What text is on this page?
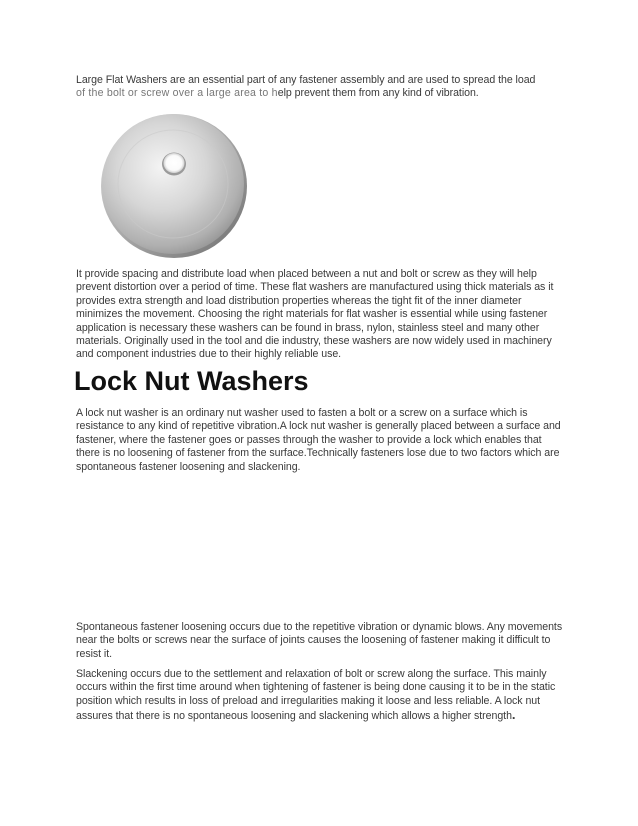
Large Flat Washers are an essential part of any fastener assembly and are used to spread the load
of the bolt or screw over a large area to help prevent them from any kind of vibration.

It provide spacing and distribute load when placed between a nut and bolt or screw as they will help prevent distortion over a period of time. These flat washers are manufactured using thick materials as it provides extra strength and load distribution properties whereas the tight fit of the inner diameter minimizes the movement. Choosing the right materials for flat washer is essential while using fastener application is necessary these washers can be found in brass, nylon, stainless steel and many other materials. Originally used in the tool and die industry, these washers are now widely used in machinery and component industries due to their highly reliable use.

Lock Nut Washers

A lock nut washer is an ordinary nut washer used to fasten a bolt or a screw on a surface which is resistance to any kind of repetitive vibration.A lock nut washer is generally placed between a surface and fastener, where the fastener goes or passes through the washer to provide a lock which enables that there is no loosening of fastener from the surface.Technically fasteners lose due to two factors which are spontaneous fastener loosening and slackening.

Spontaneous fastener loosening occurs due to the repetitive vibration or dynamic blows. Any movements near the bolts or screws near the surface of joints causes the loosening of fastener making it difficult to resist it.

Slackening occurs due to the settlement and relaxation of bolt or screw along the surface. This mainly occurs within the first time around when tightening of fastener is being done causing it to be in the static position which results in loss of preload and irregularities making it loose and less reliable. A lock nut assures that there is no spontaneous loosening and slackening which allows a higher strength.
